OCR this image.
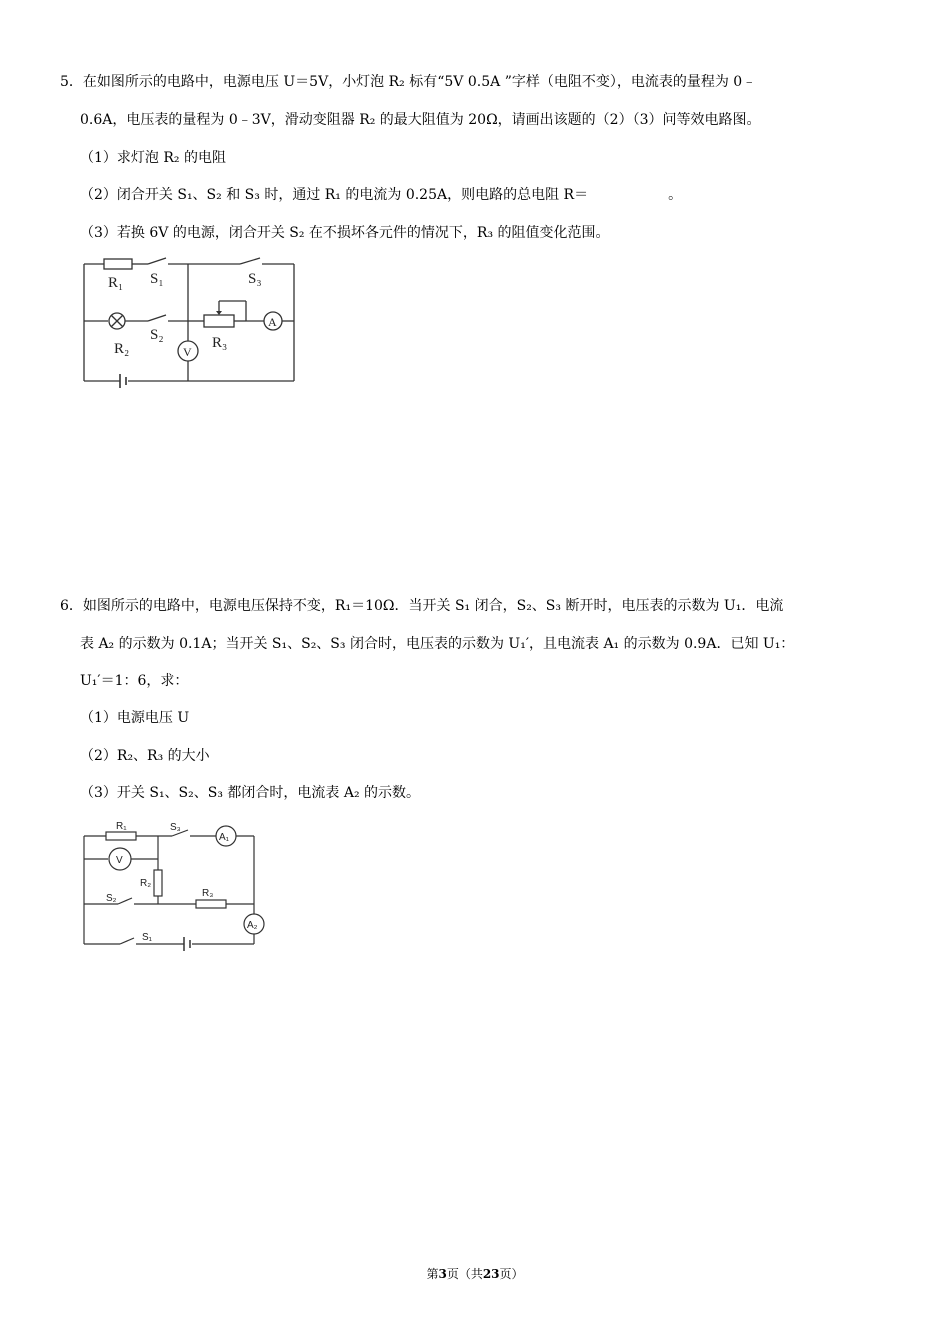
5．在如图所示的电路中，电源电压 U＝5V，小灯泡 R₂ 标有“5V 0.5A ”字样（电阻不变），电流表的量程为 0﹣
0.6A，电压表的量程为 0﹣3V，滑动变阻器 R₂ 的最大阻值为 20Ω，请画出该题的（2）（3）问等效电路图。
（1）求灯泡 R₂ 的电阻
（2）闭合开关 S₁、S₂ 和 S₃ 时，通过 R₁ 的电流为 0.25A，则电路的总电阻 R＝	。
（3）若换 6V 的电源，闭合开关 S₂ 在不损坏各元件的情况下，R₃ 的阻值变化范围。
R₁ S₁	S₃
S₂
R₂	R₃
V
A
6．如图所示的电路中，电源电压保持不变，R₁＝10Ω．当开关 S₁ 闭合，S₂、S₃ 断开时，电压表的示数为 U₁．电流
表 A₂ 的示数为 0.1A；当开关 S₁、S₂、S₃ 闭合时，电压表的示数为 U₁′，且电流表 A₁ 的示数为 0.9A．已知 U₁：
U₁′＝1：6，求：
（1）电源电压 U
（2）R₂、R₃ 的大小
（3）开关 S₁、S₂、S₃ 都闭合时，电流表 A₂ 的示数。
R₁	S₃
A₁
V
R₂
S₂	R₃
A₂
S₁
第3页（共23页）
